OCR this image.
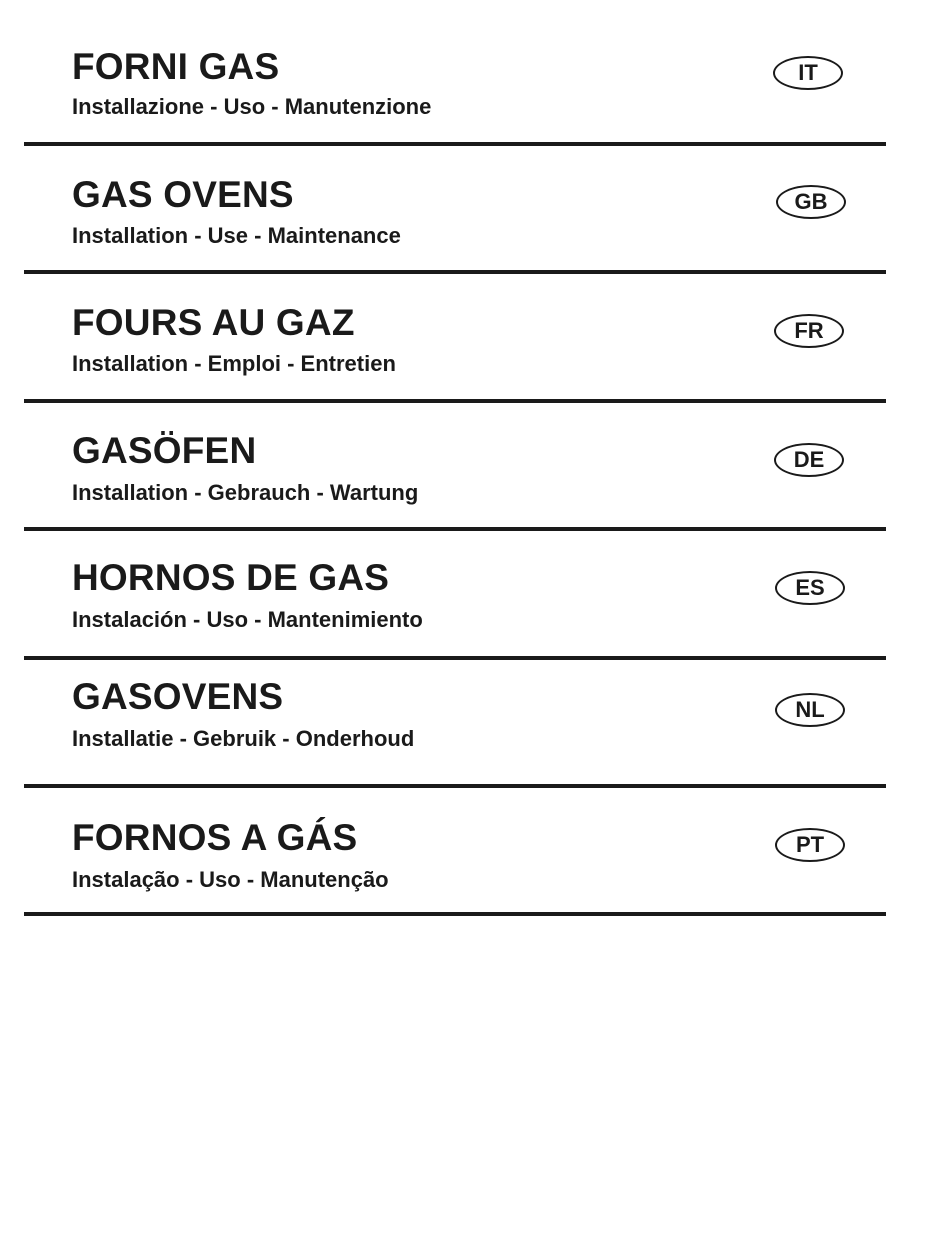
FORNI GAS
Installazione - Uso - Manutenzione
IT
GAS OVENS
Installation - Use - Maintenance
GB
FOURS AU GAZ
Installation - Emploi - Entretien
FR
GASÖFEN
Installation - Gebrauch - Wartung
DE
HORNOS DE GAS
Instalación - Uso - Mantenimiento
ES
GASOVENS
Installatie - Gebruik - Onderhoud
NL
FORNOS A GÁS
Instalação - Uso - Manutenção
PT
